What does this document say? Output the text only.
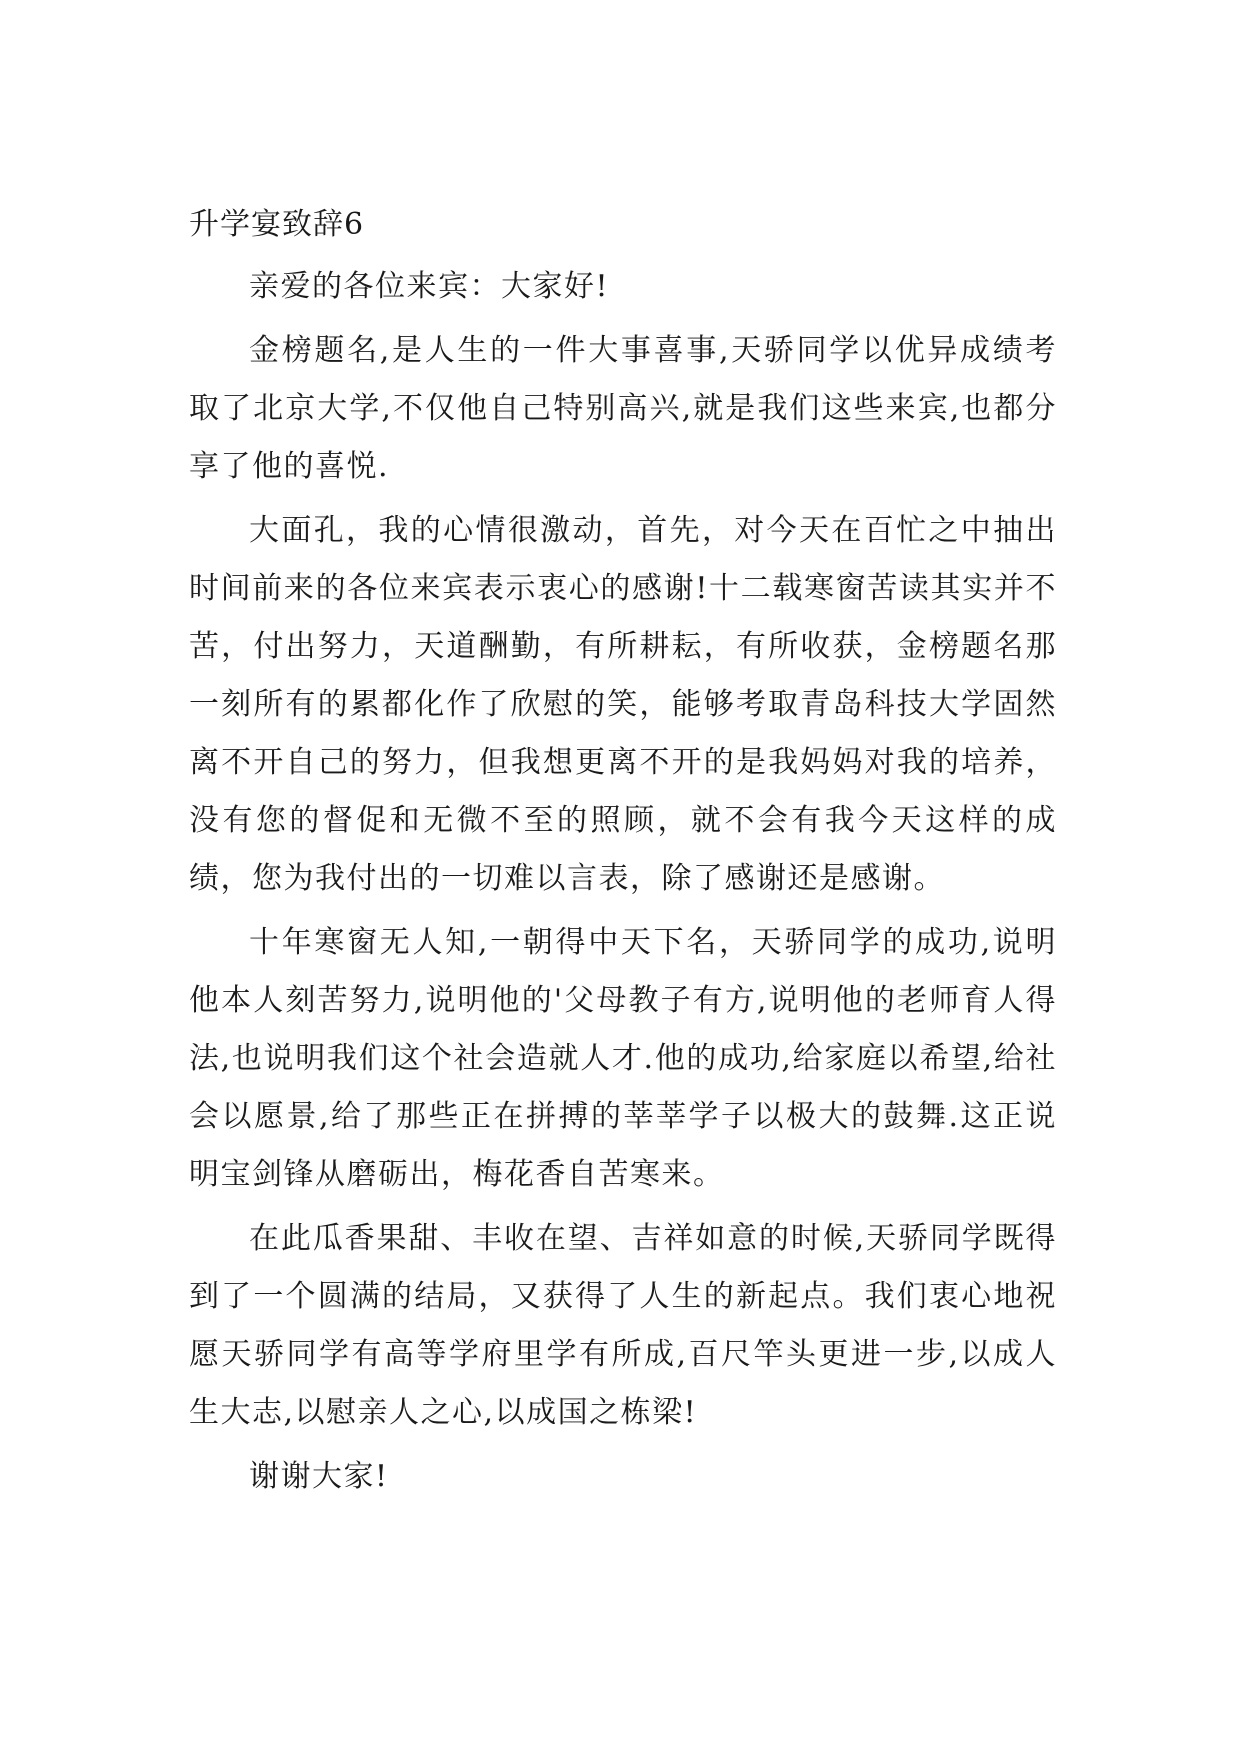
升学宴致辞6

亲爱的各位来宾：大家好!

金榜题名,是人生的一件大事喜事,天骄同学以优异成绩考取了北京大学,不仅他自己特别高兴,就是我们这些来宾,也都分享了他的喜悦.

大面孔，我的心情很激动，首先，对今天在百忙之中抽出时间前来的各位来宾表示衷心的感谢!十二载寒窗苦读其实并不苦，付出努力，天道酬勤，有所耕耘，有所收获，金榜题名那一刻所有的累都化作了欣慰的笑，能够考取青岛科技大学固然离不开自己的努力，但我想更离不开的是我妈妈对我的培养，没有您的督促和无微不至的照顾，就不会有我今天这样的成绩，您为我付出的一切难以言表，除了感谢还是感谢。

十年寒窗无人知,一朝得中天下名，天骄同学的成功,说明他本人刻苦努力,说明他的'父母教子有方,说明他的老师育人得法,也说明我们这个社会造就人才.他的成功,给家庭以希望,给社会以愿景,给了那些正在拼搏的莘莘学子以极大的鼓舞.这正说明宝剑锋从磨砺出，梅花香自苦寒来。

在此瓜香果甜、丰收在望、吉祥如意的时候,天骄同学既得到了一个圆满的结局，又获得了人生的新起点。我们衷心地祝愿天骄同学有高等学府里学有所成,百尺竿头更进一步,以成人生大志,以慰亲人之心,以成国之栋梁!

谢谢大家!
